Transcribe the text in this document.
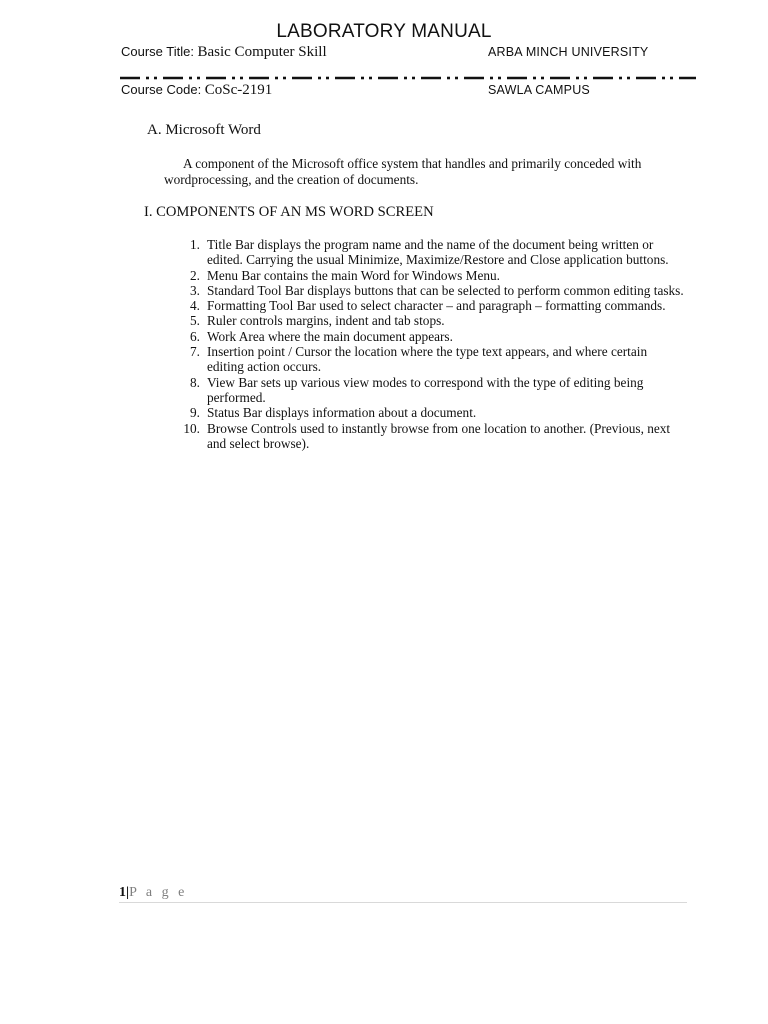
LABORATORY MANUAL
Course Title: Basic Computer Skill	ARBA MINCH UNIVERSITY
Course Code: CoSc-2191	SAWLA CAMPUS
A. Microsoft Word
A component of the Microsoft office system that handles and primarily conceded with wordprocessing, and the creation of documents.
I. COMPONENTS OF AN MS WORD SCREEN
1. Title Bar displays the program name and the name of the document being written or edited. Carrying the usual Minimize, Maximize/Restore and Close application buttons.
2. Menu Bar contains the main Word for Windows Menu.
3. Standard Tool Bar displays buttons that can be selected to perform common editing tasks.
4. Formatting Tool Bar used to select character – and paragraph – formatting commands.
5. Ruler controls margins, indent and tab stops.
6. Work Area where the main document appears.
7. Insertion point / Cursor the location where the type text appears, and where certain editing action occurs.
8. View Bar sets up various view modes to correspond with the type of editing being performed.
9. Status Bar displays information about a document.
10. Browse Controls used to instantly browse from one location to another. (Previous, next and select browse).
1|P a g e
